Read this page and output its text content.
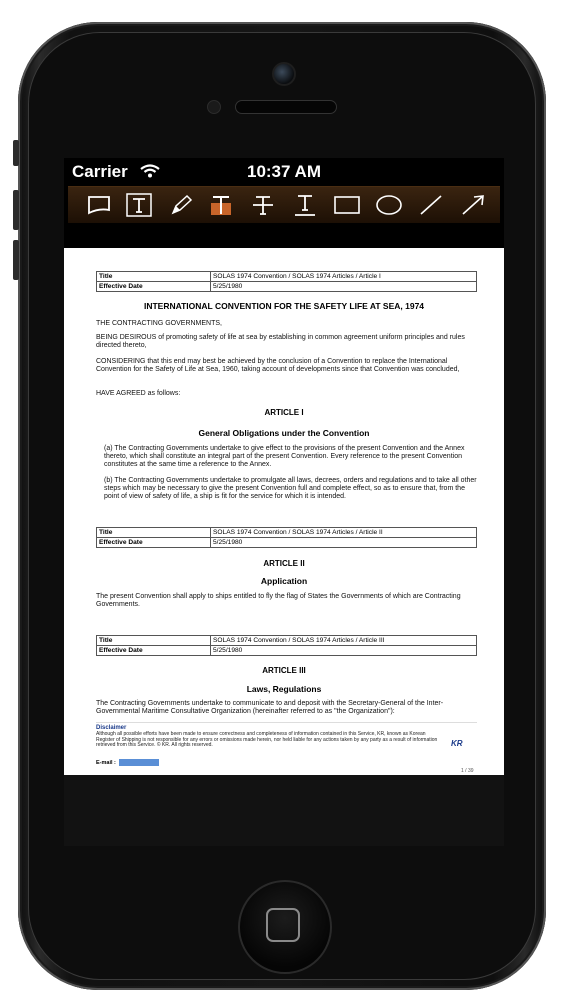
Carrier	10:37 AM
Title	SOLAS 1974 Convention / SOLAS 1974 Articles / Article I
Effective Date	5/25/1980
INTERNATIONAL CONVENTION FOR THE SAFETY LIFE AT SEA, 1974

THE CONTRACTING GOVERNMENTS,

BEING DESIROUS of promoting safety of life at sea by establishing in common agreement uniform principles and rules directed thereto,

CONSIDERING that this end may best be achieved by the conclusion of a Convention to replace the International Convention for the Safety of Life at Sea, 1960, taking account of developments since that Convention was concluded,

HAVE AGREED as follows:

ARTICLE I
General Obligations under the Convention

(a) The Contracting Governments undertake to give effect to the provisions of the present Convention and the Annex thereto, which shall constitute an integral part of the present Convention. Every reference to the present Convention constitutes at the same time a reference to the Annex.

(b) The Contracting Governments undertake to promulgate all laws, decrees, orders and regulations and to take all other steps which may be necessary to give the present Convention full and complete effect, so as to ensure that, from the point of view of safety of life, a ship is fit for the service for which it is intended.

Title	SOLAS 1974 Convention / SOLAS 1974 Articles / Article II
Effective Date	5/25/1980
ARTICLE II
Application

The present Convention shall apply to ships entitled to fly the flag of States the Governments of which are Contracting Governments.

Title	SOLAS 1974 Convention / SOLAS 1974 Articles / Article III
Effective Date	5/25/1980
ARTICLE III
Laws, Regulations

The Contracting Governments undertake to communicate to and deposit with the Secretary-General of the Inter-Governmental Maritime Consultative Organization (hereinafter referred to as "the Organization"):

Disclaimer

Although all possible efforts have been made to ensure correctness and completeness of information contained in this Service, KR, known as Korean Register of Shipping is not responsible for any errors or omissions made herein, nor held liable for any actions taken by any party as a result of information retrieved from this Service. © KR. All rights reserved.	KR
E-mail :
1 / 39
